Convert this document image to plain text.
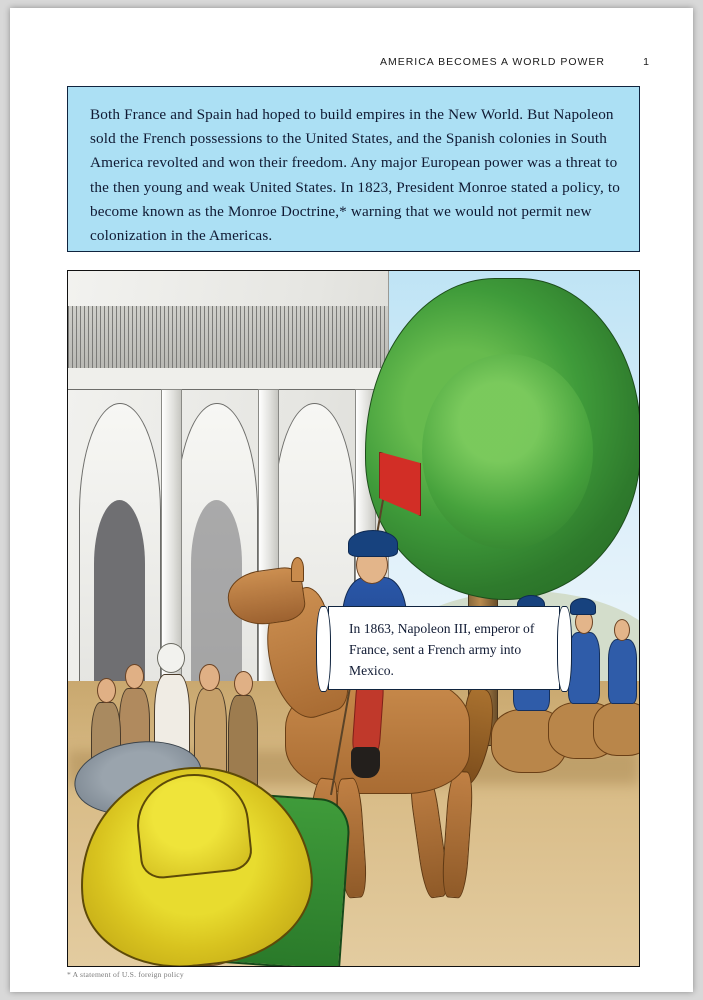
AMERICA BECOMES A WORLD POWER	1

Both France and Spain had hoped to build empires in the New World. But Napoleon sold the French possessions to the United States, and the Spanish colonies in South America revolted and won their freedom. Any major European power was a threat to the then young and weak United States. In 1823, President Monroe stated a policy, to become known as the Monroe Doctrine,* warning that we would not permit new colonization in the Americas.

In 1863, Napoleon III, emperor of France, sent a French army into Mexico.

* A statement of U.S. foreign policy
